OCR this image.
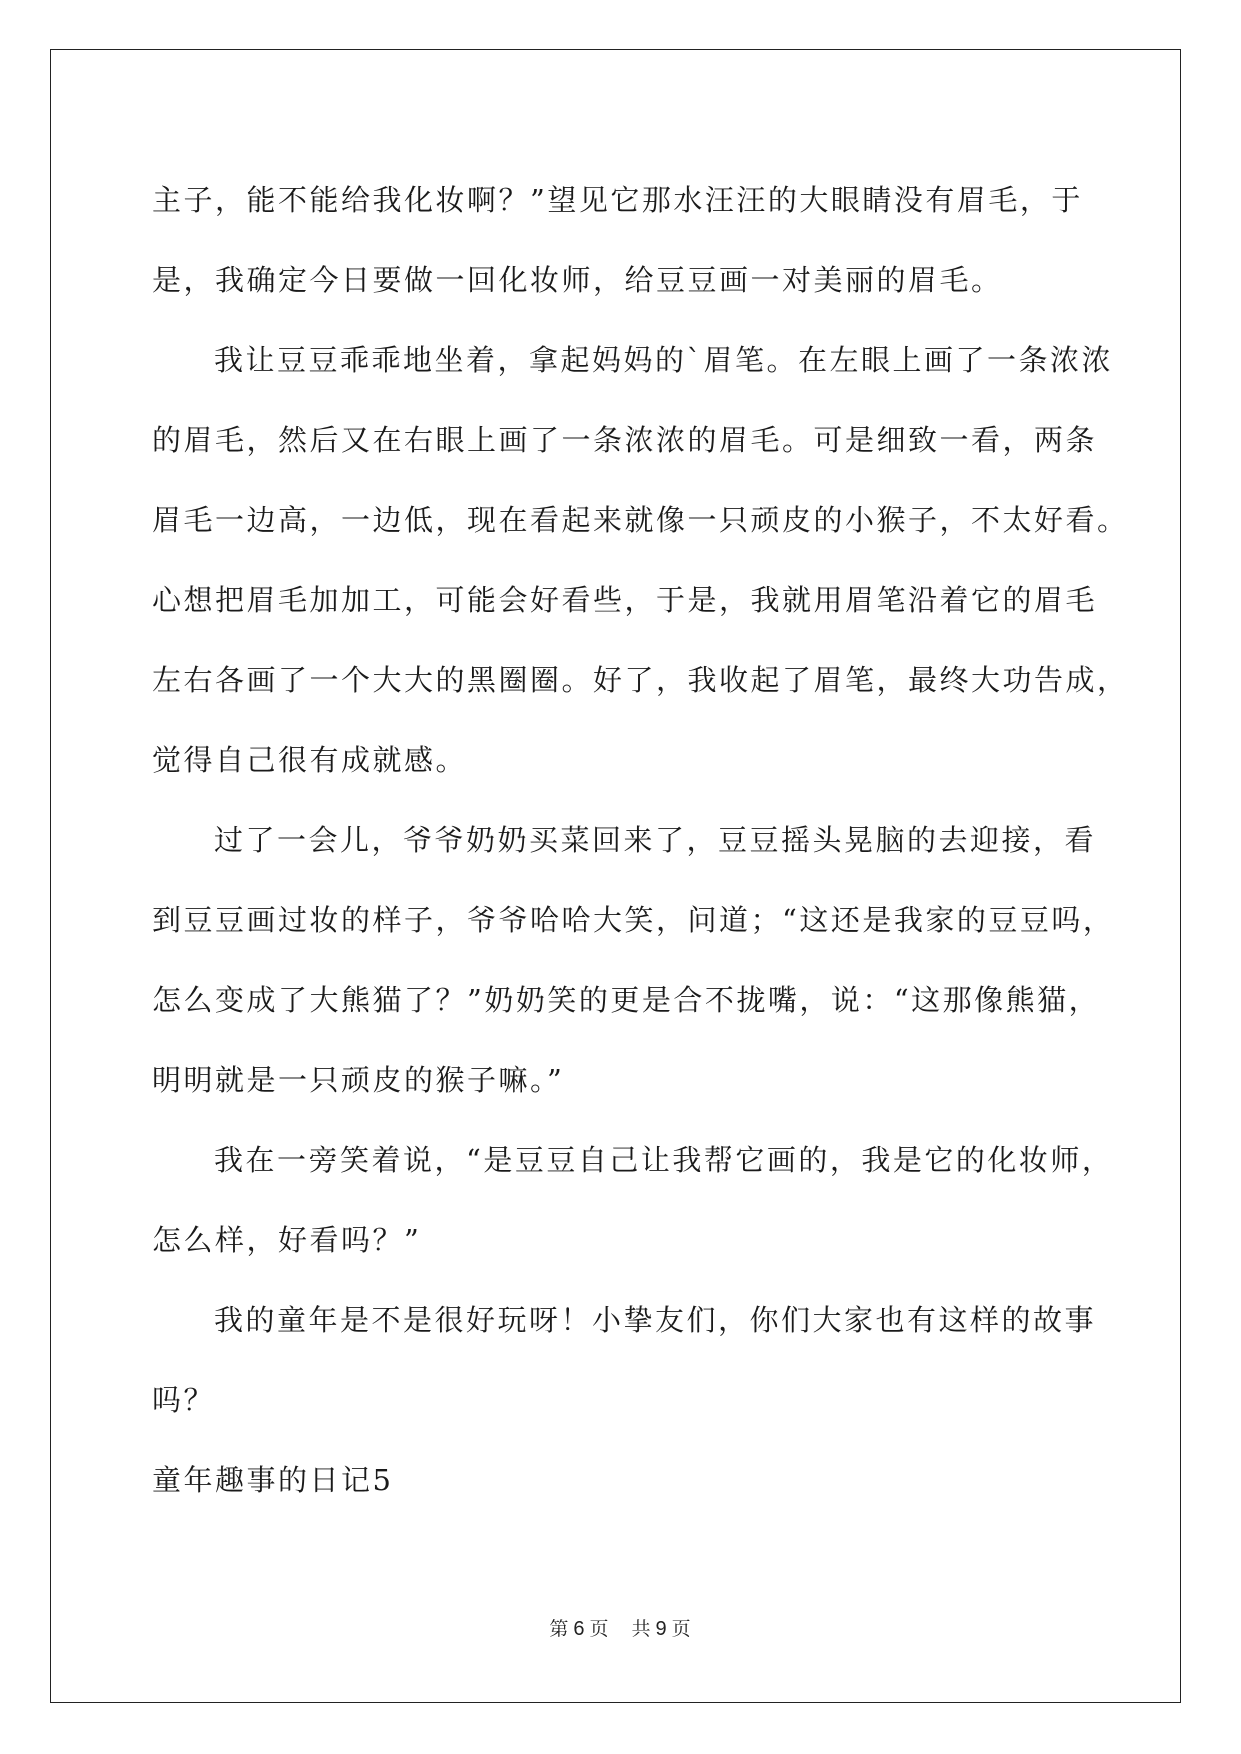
主子，能不能给我化妆啊？”望见它那水汪汪的大眼睛没有眉毛，于

是，我确定今日要做一回化妆师，给豆豆画一对美丽的眉毛。

我让豆豆乖乖地坐着，拿起妈妈的`眉笔。在左眼上画了一条浓浓

的眉毛，然后又在右眼上画了一条浓浓的眉毛。可是细致一看，两条

眉毛一边高，一边低，现在看起来就像一只顽皮的小猴子，不太好看。

心想把眉毛加加工，可能会好看些，于是，我就用眉笔沿着它的眉毛

左右各画了一个大大的黑圈圈。好了，我收起了眉笔，最终大功告成，

觉得自己很有成就感。

过了一会儿，爷爷奶奶买菜回来了，豆豆摇头晃脑的去迎接，看

到豆豆画过妆的样子，爷爷哈哈大笑，问道；“这还是我家的豆豆吗，

怎么变成了大熊猫了？”奶奶笑的更是合不拢嘴，说：“这那像熊猫，

明明就是一只顽皮的猴子嘛。”

我在一旁笑着说，“是豆豆自己让我帮它画的，我是它的化妆师，

怎么样，好看吗？”

我的童年是不是很好玩呀！小挚友们，你们大家也有这样的故事

吗？

童年趣事的日记5

第 6 页 共 9 页
